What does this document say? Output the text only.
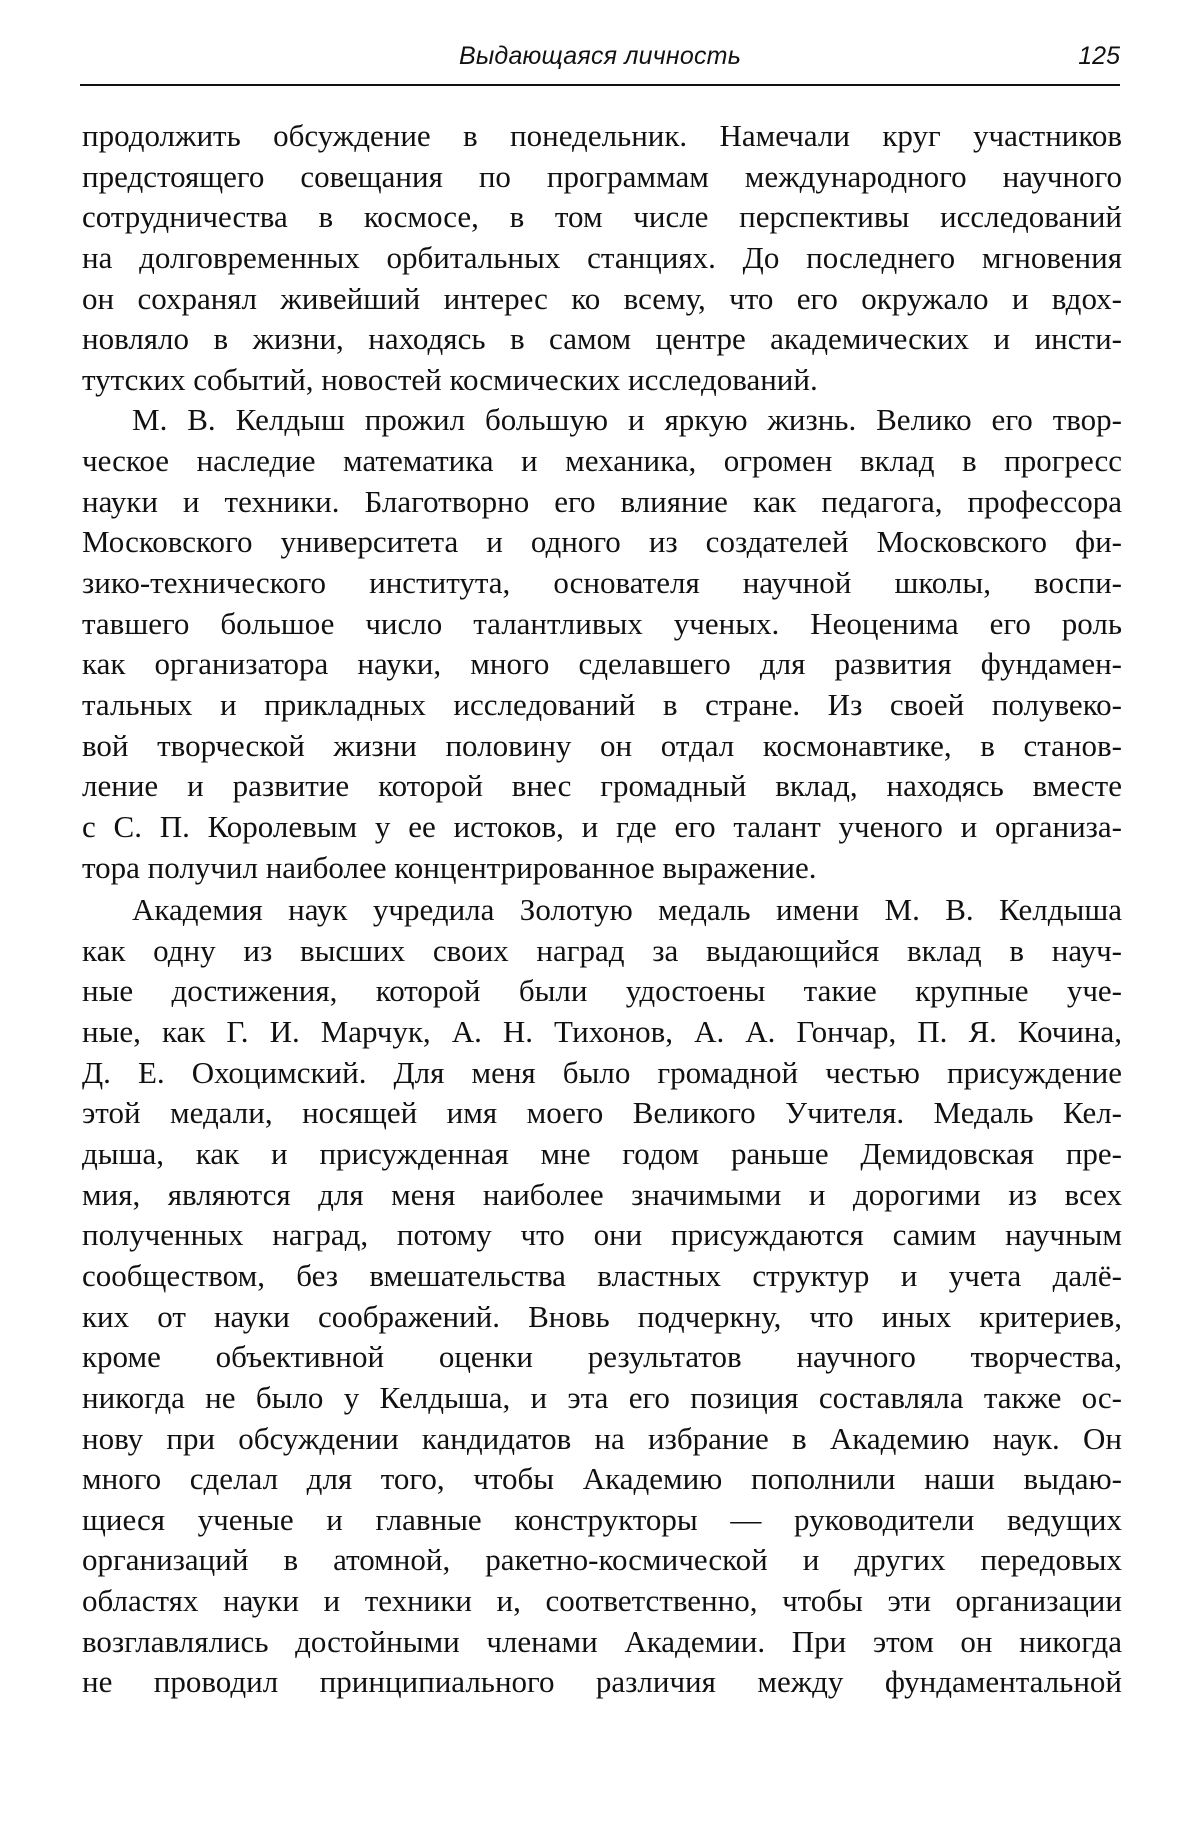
Выдающаяся личность	125
продолжить обсуждение в понедельник. Намечали круг участников
предстоящего совещания по программам международного научного
сотрудничества в космосе, в том числе перспективы исследований
на долговременных орбитальных станциях. До последнего мгновения
он сохранял живейший интерес ко всему, что его окружало и вдох-
новляло в жизни, находясь в самом центре академических и инсти-
тутских событий, новостей космических исследований.
М. В. Келдыш прожил большую и яркую жизнь. Велико его твор-
ческое наследие математика и механика, огромен вклад в прогресс
науки и техники. Благотворно его влияние как педагога, профессора
Московского университета и одного из создателей Московского фи-
зико-технического института, основателя научной школы, воспи-
тавшего большое число талантливых ученых. Неоценима его роль
как организатора науки, много сделавшего для развития фундамен-
тальных и прикладных исследований в стране. Из своей полувеко-
вой творческой жизни половину он отдал космонавтике, в станов-
ление и развитие которой внес громадный вклад, находясь вместе
с С. П. Королевым у ее истоков, и где его талант ученого и организа-
тора получил наиболее концентрированное выражение.
Академия наук учредила Золотую медаль имени М. В. Келдыша
как одну из высших своих наград за выдающийся вклад в науч-
ные достижения, которой были удостоены такие крупные уче-
ные, как Г. И. Марчук, А. Н. Тихонов, А. А. Гончар, П. Я. Кочина,
Д. Е. Охоцимский. Для меня было громадной честью присуждение
этой медали, носящей имя моего Великого Учителя. Медаль Кел-
дыша, как и присужденная мне годом раньше Демидовская пре-
мия, являются для меня наиболее значимыми и дорогими из всех
полученных наград, потому что они присуждаются самим научным
сообществом, без вмешательства властных структур и учета далё-
ких от науки соображений. Вновь подчеркну, что иных критериев,
кроме объективной оценки результатов научного творчества,
никогда не было у Келдыша, и эта его позиция составляла также ос-
нову при обсуждении кандидатов на избрание в Академию наук. Он
много сделал для того, чтобы Академию пополнили наши выдаю-
щиеся ученые и главные конструкторы — руководители ведущих
организаций в атомной, ракетно-космической и других передовых
областях науки и техники и, соответственно, чтобы эти организации
возглавлялись достойными членами Академии. При этом он никогда
не проводил принципиального различия между фундаментальной
